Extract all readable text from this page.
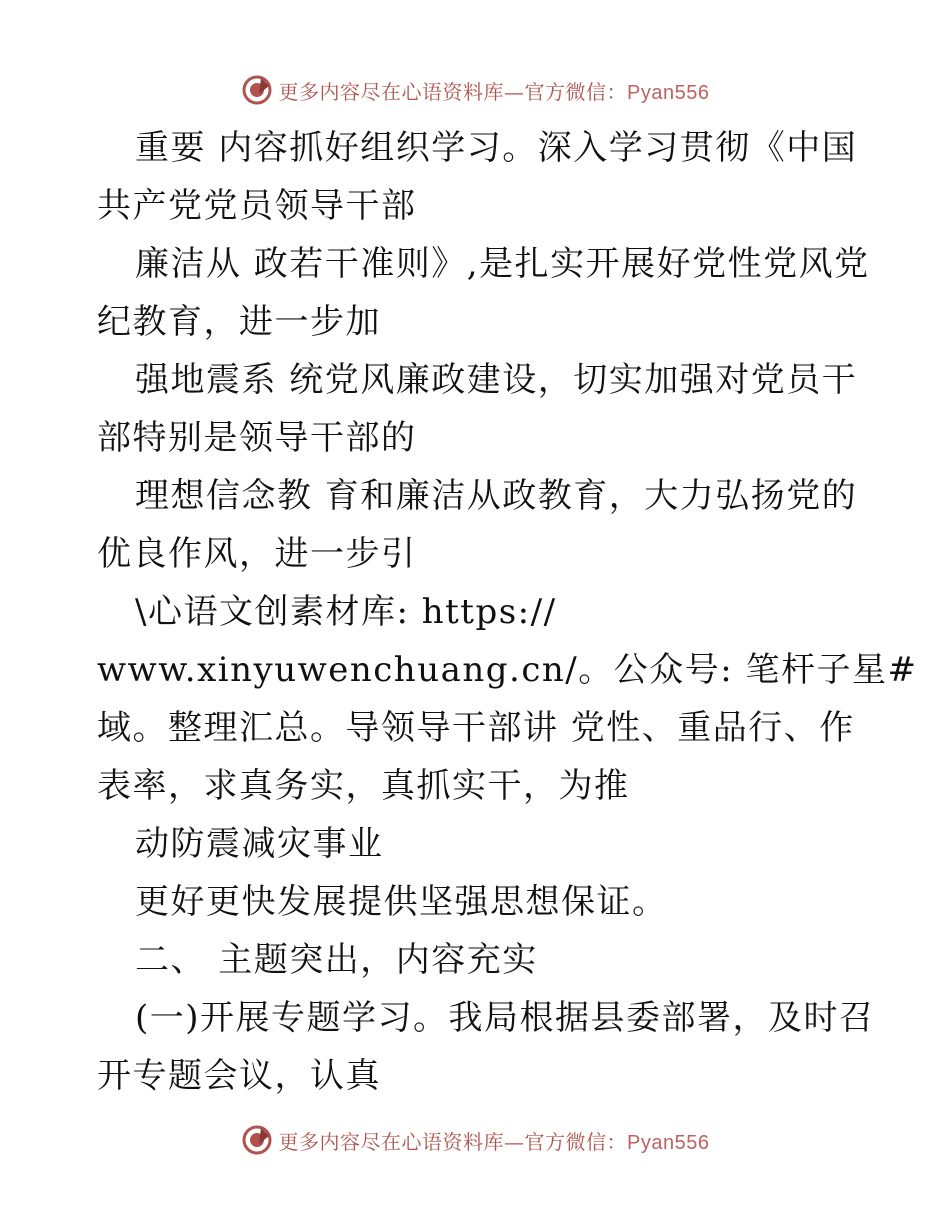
更多内容尽在心语资料库—官方微信：Pyan556
重要 内容抓好组织学习。深入学习贯彻《中国
共产党党员领导干部
廉洁从 政若干准则》,是扎实开展好党性党风党
纪教育，进一步加
强地震系 统党风廉政建设，切实加强对党员干
部特别是领导干部的
理想信念教 育和廉洁从政教育，大力弘扬党的
优良作风，进一步引
\心语文创素材库: https://
www.xinyuwenchuang.cn/。公众号: 笔杆子星#
域。整理汇总。导领导干部讲 党性、重品行、作
表率，求真务实，真抓实干，为推
动防震减灾事业
更好更快发展提供坚强思想保证。
二、 主题突出，内容充实
(一)开展专题学习。我局根据县委部署，及时召
开专题会议，认真
更多内容尽在心语资料库—官方微信：Pyan556
